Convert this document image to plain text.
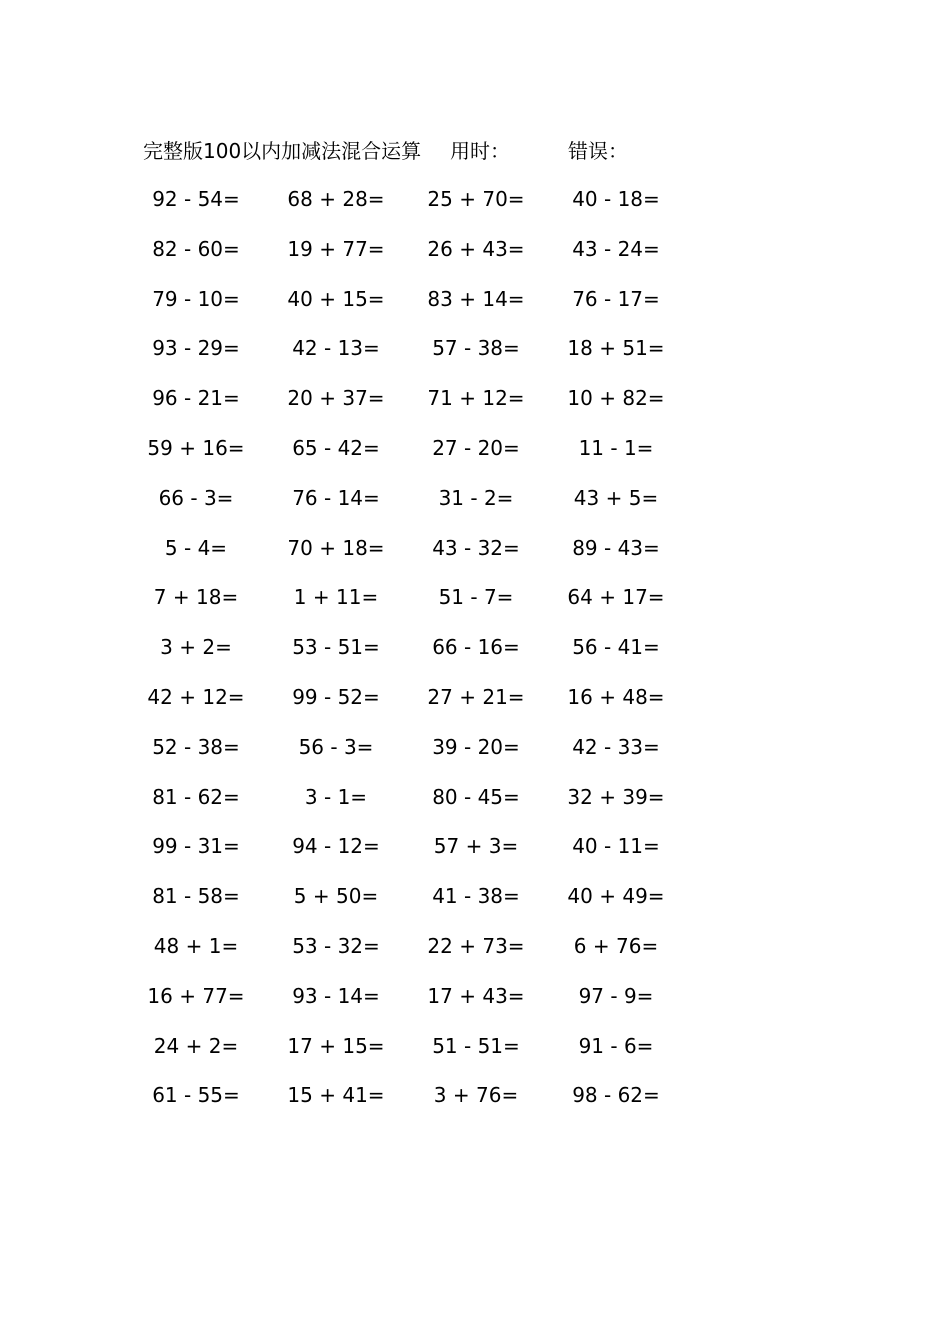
完整版100以内加减法混合运算 用时：	错误：
92 - 54=	68 + 28=	25 + 70=	40 - 18=
82 - 60=	19 + 77=	26 + 43=	43 - 24=
79 - 10=	40 + 15=	83 + 14=	76 - 17=
93 - 29=	42 - 13=	57 - 38=	18 + 51=
96 - 21=	20 + 37=	71 + 12=	10 + 82=
59 + 16=	65 - 42=	27 - 20=	11 - 1=
66 - 3=	76 - 14=	31 - 2=	43 + 5=
5 - 4=	70 + 18=	43 - 32=	89 - 43=
7 + 18=	1 + 11=	51 - 7=	64 + 17=
3 + 2=	53 - 51=	66 - 16=	56 - 41=
42 + 12=	99 - 52=	27 + 21=	16 + 48=
52 - 38=	56 - 3=	39 - 20=	42 - 33=
81 - 62=	3 - 1=	80 - 45=	32 + 39=
99 - 31=	94 - 12=	57 + 3=	40 - 11=
81 - 58=	5 + 50=	41 - 38=	40 + 49=
48 + 1=	53 - 32=	22 + 73=	6 + 76=
16 + 77=	93 - 14=	17 + 43=	97 - 9=
24 + 2=	17 + 15=	51 - 51=	91 - 6=
61 - 55=	15 + 41=	3 + 76=	98 - 62=
